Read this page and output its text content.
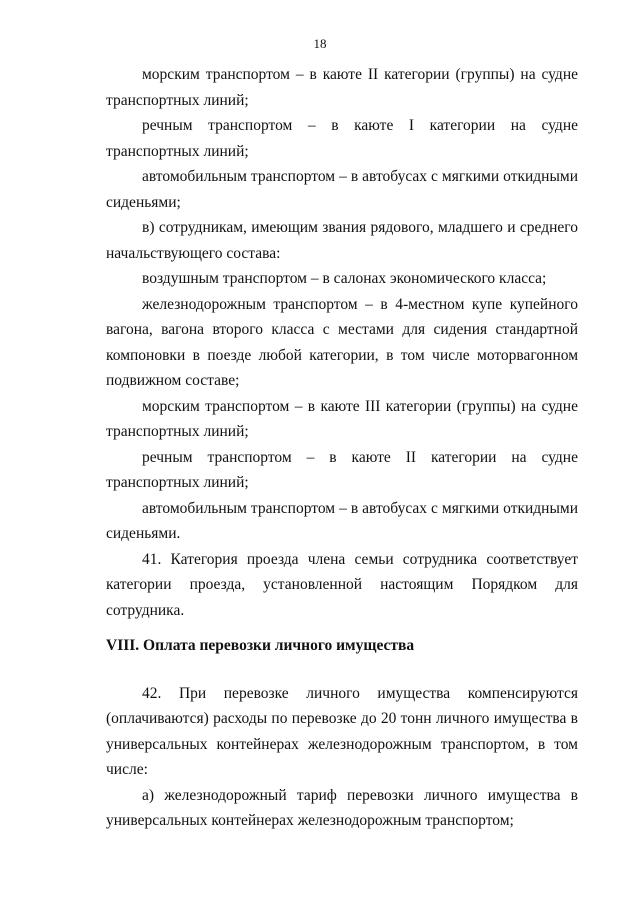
18

морским транспортом – в каюте II категории (группы) на судне транспортных линий;

речным транспортом – в каюте I категории на судне транспортных линий;

автомобильным транспортом – в автобусах с мягкими откидными сиденьями;

в) сотрудникам, имеющим звания рядового, младшего и среднего начальствующего состава:

воздушным транспортом – в салонах экономического класса;

железнодорожным транспортом – в 4-местном купе купейного вагона, вагона второго класса с местами для сидения стандартной компоновки в поезде любой категории, в том числе моторвагонном подвижном составе;

морским транспортом – в каюте III категории (группы) на судне транспортных линий;

речным транспортом – в каюте II категории на судне транспортных линий;

автомобильным транспортом – в автобусах с мягкими откидными сиденьями.

41. Категория проезда члена семьи сотрудника соответствует категории проезда, установленной настоящим Порядком для сотрудника.

VIII. Оплата перевозки личного имущества

42. При перевозке личного имущества компенсируются (оплачиваются) расходы по перевозке до 20 тонн личного имущества в универсальных контейнерах железнодорожным транспортом, в том числе:

а) железнодорожный тариф перевозки личного имущества в универсальных контейнерах железнодорожным транспортом;
